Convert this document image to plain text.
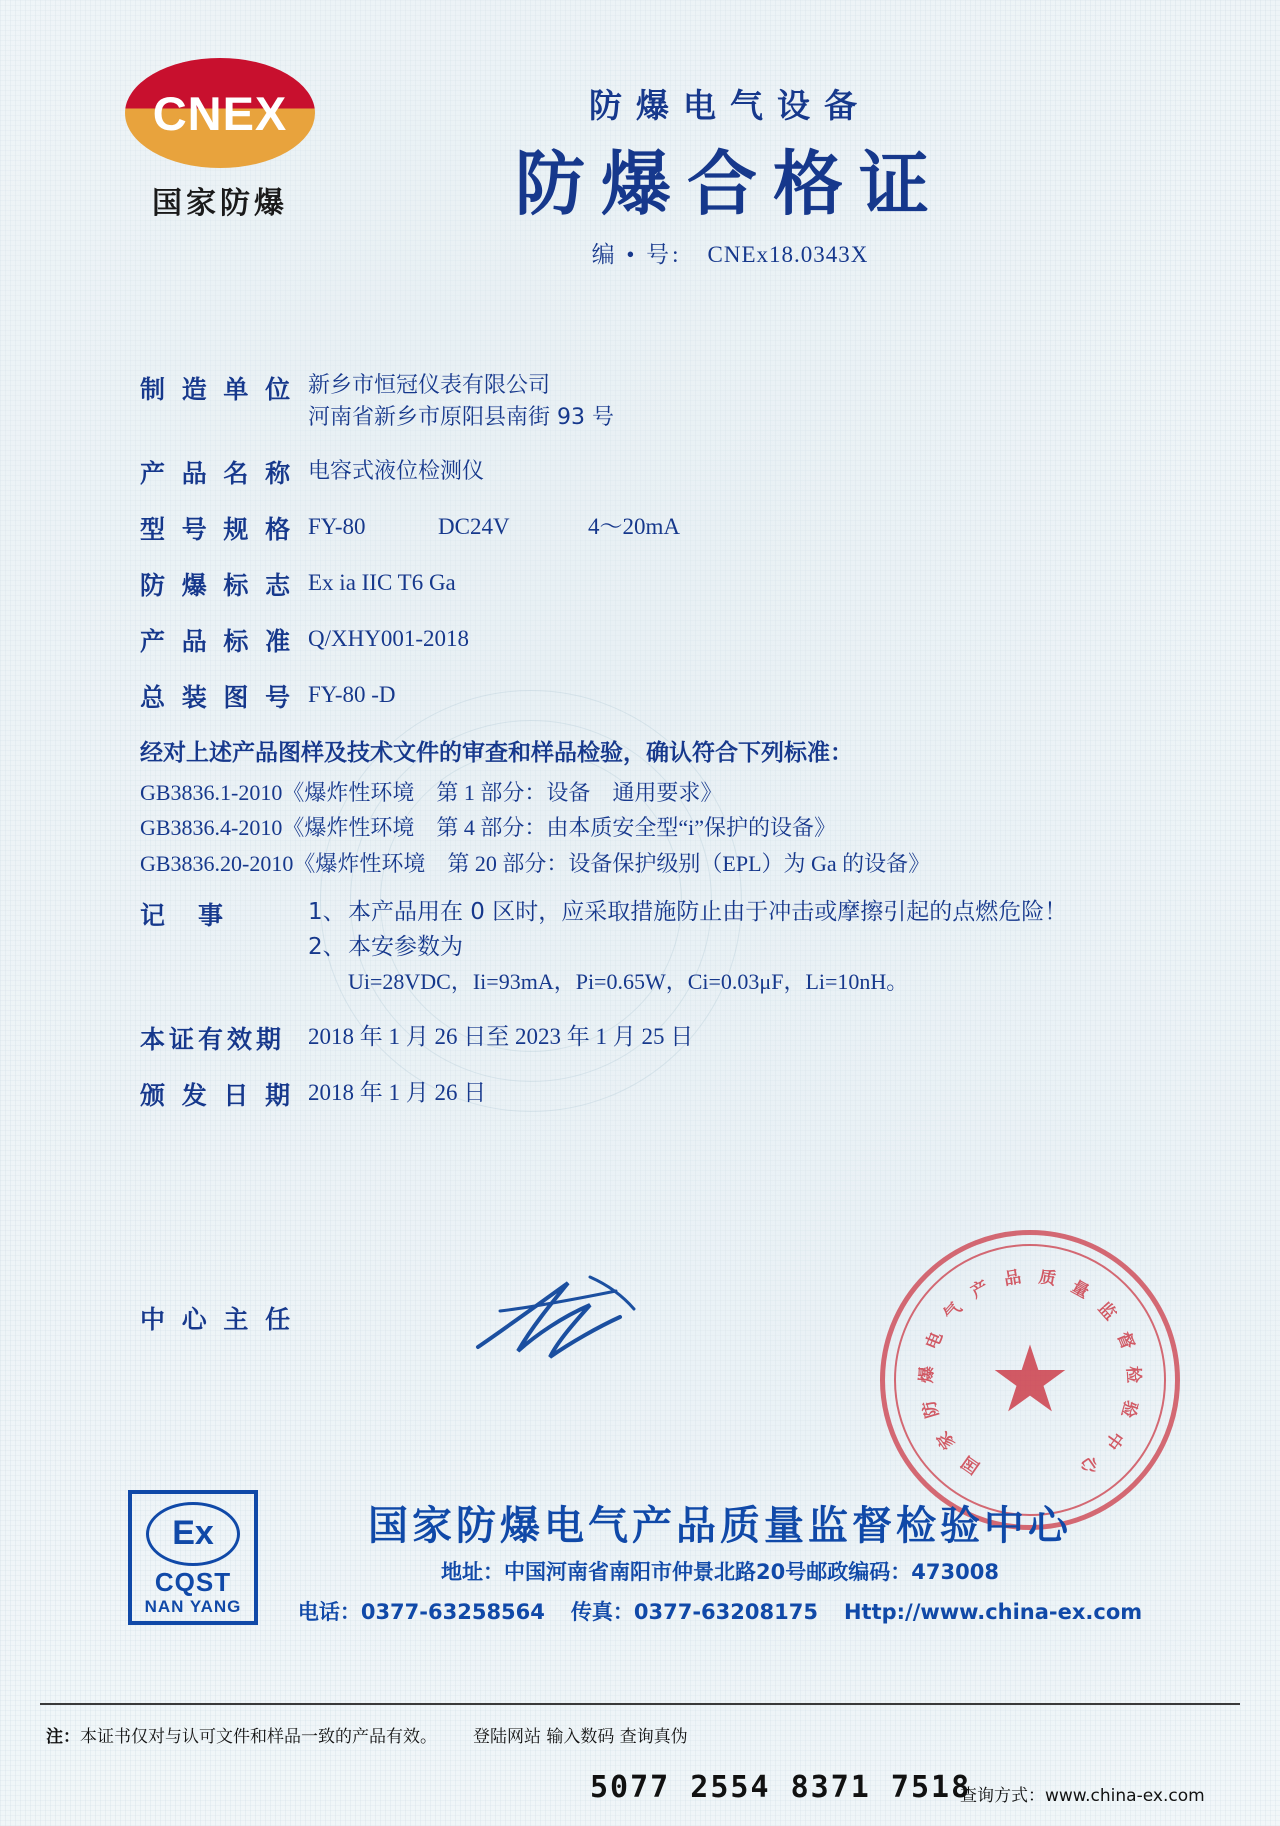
CNEX
国家防爆
防爆电气设备
防爆合格证
编 • 号: CNEx18.0343X
制 造 单 位 新乡市恒冠仪表有限公司
河南省新乡市原阳县南街 93 号
产 品 名 称 电容式液位检测仪
型 号 规 格 FY-80	DC24V	4～20mA
防 爆 标 志 Ex ia IIC T6 Ga
产 品 标 准 Q/XHY001-2018
总 装 图 号 FY-80 -D
经对上述产品图样及技术文件的审查和样品检验，确认符合下列标准：
GB3836.1-2010《爆炸性环境　第 1 部分：设备　通用要求》
GB3836.4-2010《爆炸性环境　第 4 部分：由本质安全型“i”保护的设备》
GB3836.20-2010《爆炸性环境　第 20 部分：设备保护级别（EPL）为 Ga 的设备》
记　事	1、 本产品用在 0 区时，应采取措施防止由于冲击或摩擦引起的点燃危险！
2、 本安参数为
Ui=28VDC，Ii=93mA，Pi=0.65W，Ci=0.03μF，Li=10nH。
本证有效期 2018 年 1 月 26 日至 2023 年 1 月 25 日
颁 发 日 期 2018 年 1 月 26 日
中 心 主 任
★
国
家
防
爆
电
气
产 品 质 量
监
督
检
验
中
心
Ex
CQST
NAN YANG
国家防爆电气产品质量监督检验中心
地址：中国河南省南阳市仲景北路20号邮政编码：473008
电话：0377-63258564 传真：0377-63208175 Http://www.china-ex.com
注：本证书仅对与认可文件和样品一致的产品有效。 登陆网站 输入数码 查询真伪
5077 2554 8371 7518
查询方式：www.china-ex.com
